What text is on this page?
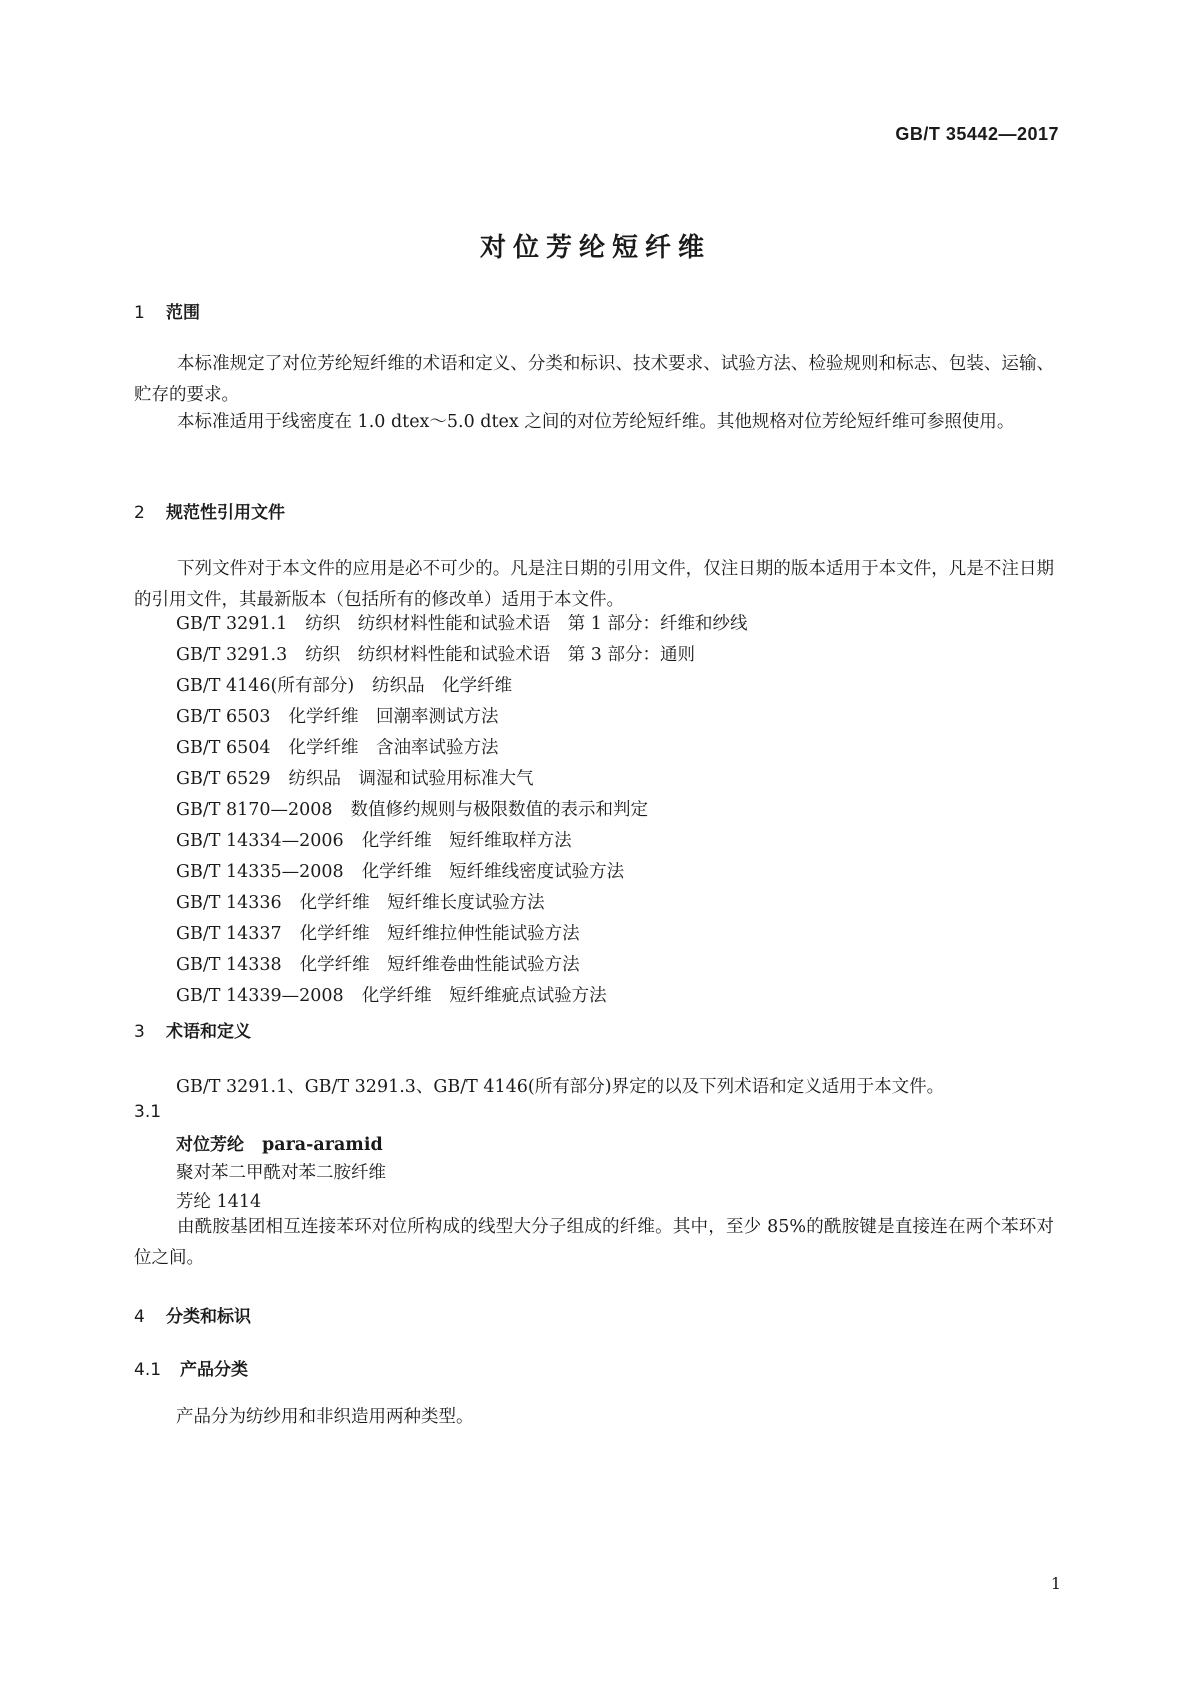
GB/T 35442—2017
对位芳纶短纤维
1 范围
本标准规定了对位芳纶短纤维的术语和定义、分类和标识、技术要求、试验方法、检验规则和标志、包装、运输、贮存的要求。
本标准适用于线密度在 1.0 dtex～5.0 dtex 之间的对位芳纶短纤维。其他规格对位芳纶短纤维可参照使用。
2 规范性引用文件
下列文件对于本文件的应用是必不可少的。凡是注日期的引用文件，仅注日期的版本适用于本文件，凡是不注日期的引用文件，其最新版本（包括所有的修改单）适用于本文件。
GB/T 3291.1 纺织　纺织材料性能和试验术语　第 1 部分：纤维和纱线
GB/T 3291.3 纺织　纺织材料性能和试验术语　第 3 部分：通则
GB/T 4146(所有部分) 纺织品　化学纤维
GB/T 6503 化学纤维　回潮率测试方法
GB/T 6504 化学纤维　含油率试验方法
GB/T 6529 纺织品　调湿和试验用标准大气
GB/T 8170—2008 数值修约规则与极限数值的表示和判定
GB/T 14334—2006 化学纤维　短纤维取样方法
GB/T 14335—2008 化学纤维　短纤维线密度试验方法
GB/T 14336 化学纤维　短纤维长度试验方法
GB/T 14337 化学纤维　短纤维拉伸性能试验方法
GB/T 14338 化学纤维　短纤维卷曲性能试验方法
GB/T 14339—2008 化学纤维　短纤维疵点试验方法
3 术语和定义
GB/T 3291.1、GB/T 3291.3、GB/T 4146(所有部分)界定的以及下列术语和定义适用于本文件。
3.1
对位芳纶 para-aramid
聚对苯二甲酰对苯二胺纤维
芳纶 1414
由酰胺基团相互连接苯环对位所构成的线型大分子组成的纤维。其中，至少 85%的酰胺键是直接连在两个苯环对位之间。
4 分类和标识
4.1 产品分类
产品分为纺纱用和非织造用两种类型。
1
